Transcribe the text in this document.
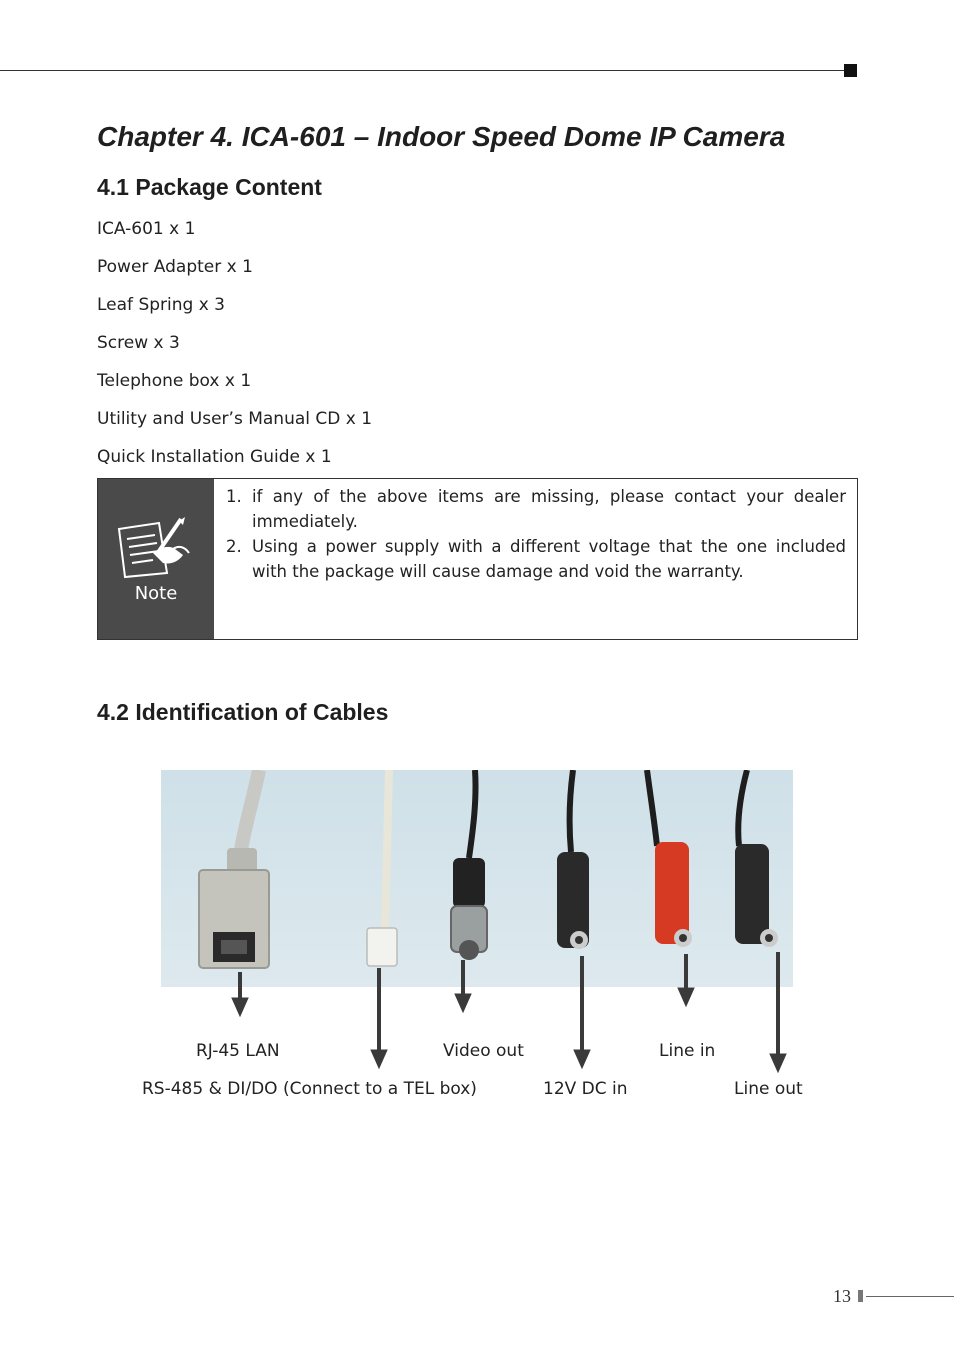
Chapter 4. ICA-601 – Indoor Speed Dome IP Camera
4.1 Package Content
ICA-601 x 1
Power Adapter x 1
Leaf Spring x 3
Screw x 3
Telephone box x 1
Utility and User’s Manual CD x 1
Quick Installation Guide x 1
Note
1. if any of the above items are missing, please contact your dealer immediately.
2. Using a power supply with a different voltage that the one included with the package will cause damage and void the warranty.
4.2 Identification of Cables
RJ-45 LAN	Video out	Line in
RS-485 & DI/DO (Connect to a TEL box)	12V DC in	Line out
13
